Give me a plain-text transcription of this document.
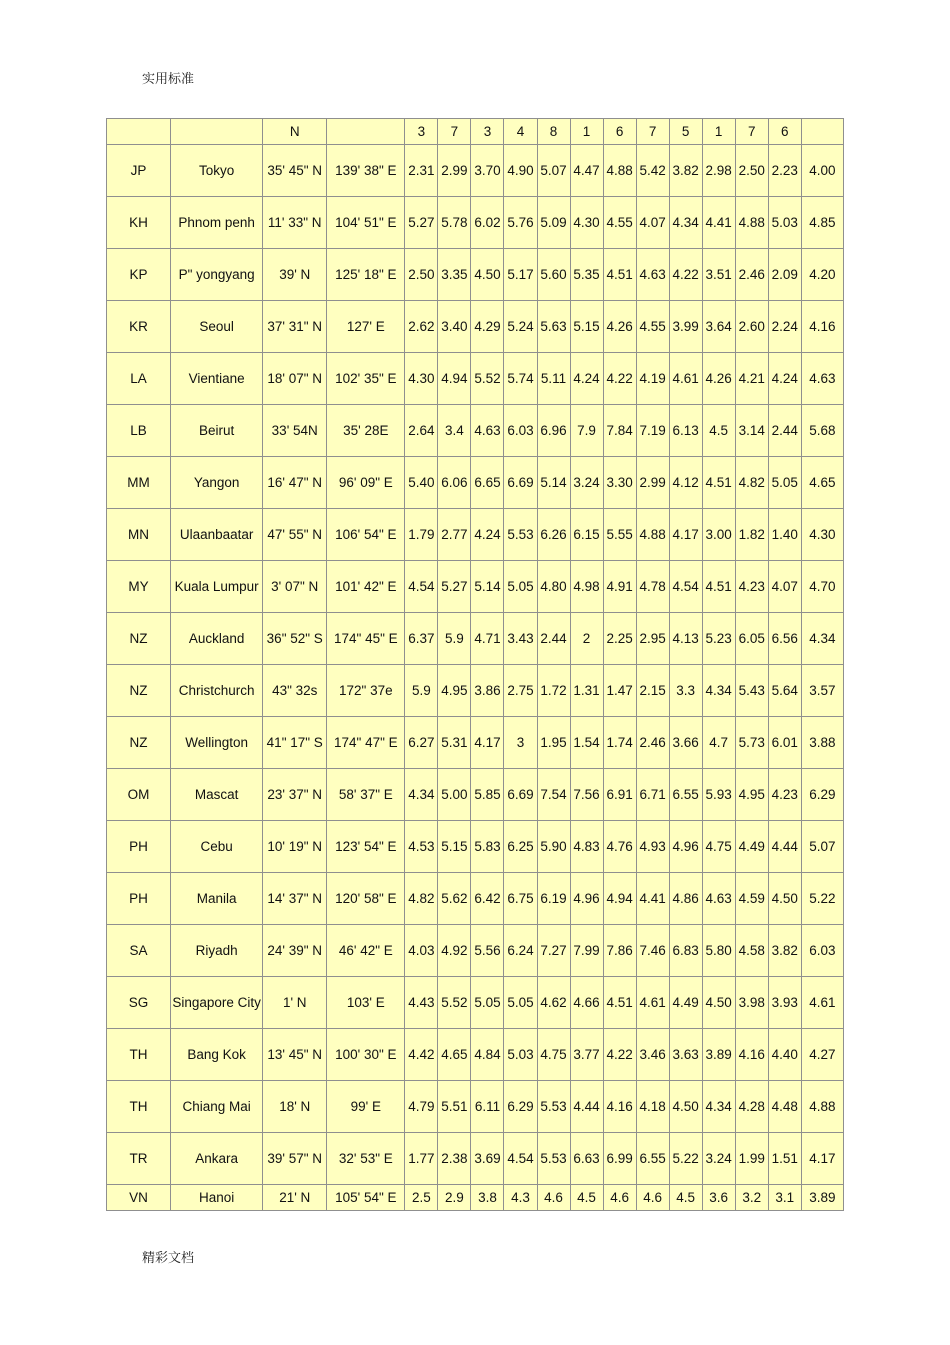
实用标准
		N		3	7	3	4	8	1	6	7	5	1	7	6	
JP	Tokyo	35' 45" N	139' 38" E	2.31	2.99	3.70	4.90	5.07	4.47	4.88	5.42	3.82	2.98	2.50	2.23	4.00
KH	Phnom penh	11' 33" N	104' 51" E	5.27	5.78	6.02	5.76	5.09	4.30	4.55	4.07	4.34	4.41	4.88	5.03	4.85
KP	P" yongyang	39' N	125' 18" E	2.50	3.35	4.50	5.17	5.60	5.35	4.51	4.63	4.22	3.51	2.46	2.09	4.20
KR	Seoul	37' 31" N	127' E	2.62	3.40	4.29	5.24	5.63	5.15	4.26	4.55	3.99	3.64	2.60	2.24	4.16
LA	Vientiane	18' 07" N	102' 35" E	4.30	4.94	5.52	5.74	5.11	4.24	4.22	4.19	4.61	4.26	4.21	4.24	4.63
LB	Beirut	33' 54N	35' 28E	2.64	3.4	4.63	6.03	6.96	7.9	7.84	7.19	6.13	4.5	3.14	2.44	5.68
MM	Yangon	16' 47" N	96' 09" E	5.40	6.06	6.65	6.69	5.14	3.24	3.30	2.99	4.12	4.51	4.82	5.05	4.65
MN	Ulaanbaatar	47' 55" N	106' 54" E	1.79	2.77	4.24	5.53	6.26	6.15	5.55	4.88	4.17	3.00	1.82	1.40	4.30
MY	Kuala Lumpur	3' 07" N	101' 42" E	4.54	5.27	5.14	5.05	4.80	4.98	4.91	4.78	4.54	4.51	4.23	4.07	4.70
NZ	Auckland	36" 52" S	174" 45" E	6.37	5.9	4.71	3.43	2.44	2	2.25	2.95	4.13	5.23	6.05	6.56	4.34
NZ	Christchurch	43" 32s	172" 37e	5.9	4.95	3.86	2.75	1.72	1.31	1.47	2.15	3.3	4.34	5.43	5.64	3.57
NZ	Wellington	41" 17" S	174" 47" E	6.27	5.31	4.17	3	1.95	1.54	1.74	2.46	3.66	4.7	5.73	6.01	3.88
OM	Mascat	23' 37" N	58' 37" E	4.34	5.00	5.85	6.69	7.54	7.56	6.91	6.71	6.55	5.93	4.95	4.23	6.29
PH	Cebu	10' 19" N	123' 54" E	4.53	5.15	5.83	6.25	5.90	4.83	4.76	4.93	4.96	4.75	4.49	4.44	5.07
PH	Manila	14' 37" N	120' 58" E	4.82	5.62	6.42	6.75	6.19	4.96	4.94	4.41	4.86	4.63	4.59	4.50	5.22
SA	Riyadh	24' 39" N	46' 42" E	4.03	4.92	5.56	6.24	7.27	7.99	7.86	7.46	6.83	5.80	4.58	3.82	6.03
SG	Singapore City	1' N	103' E	4.43	5.52	5.05	5.05	4.62	4.66	4.51	4.61	4.49	4.50	3.98	3.93	4.61
TH	Bang Kok	13' 45" N	100' 30" E	4.42	4.65	4.84	5.03	4.75	3.77	4.22	3.46	3.63	3.89	4.16	4.40	4.27
TH	Chiang Mai	18' N	99' E	4.79	5.51	6.11	6.29	5.53	4.44	4.16	4.18	4.50	4.34	4.28	4.48	4.88
TR	Ankara	39' 57" N	32' 53" E	1.77	2.38	3.69	4.54	5.53	6.63	6.99	6.55	5.22	3.24	1.99	1.51	4.17
VN	Hanoi	21' N	105' 54" E	2.5	2.9	3.8	4.3	4.6	4.5	4.6	4.6	4.5	3.6	3.2	3.1	3.89
精彩文档
